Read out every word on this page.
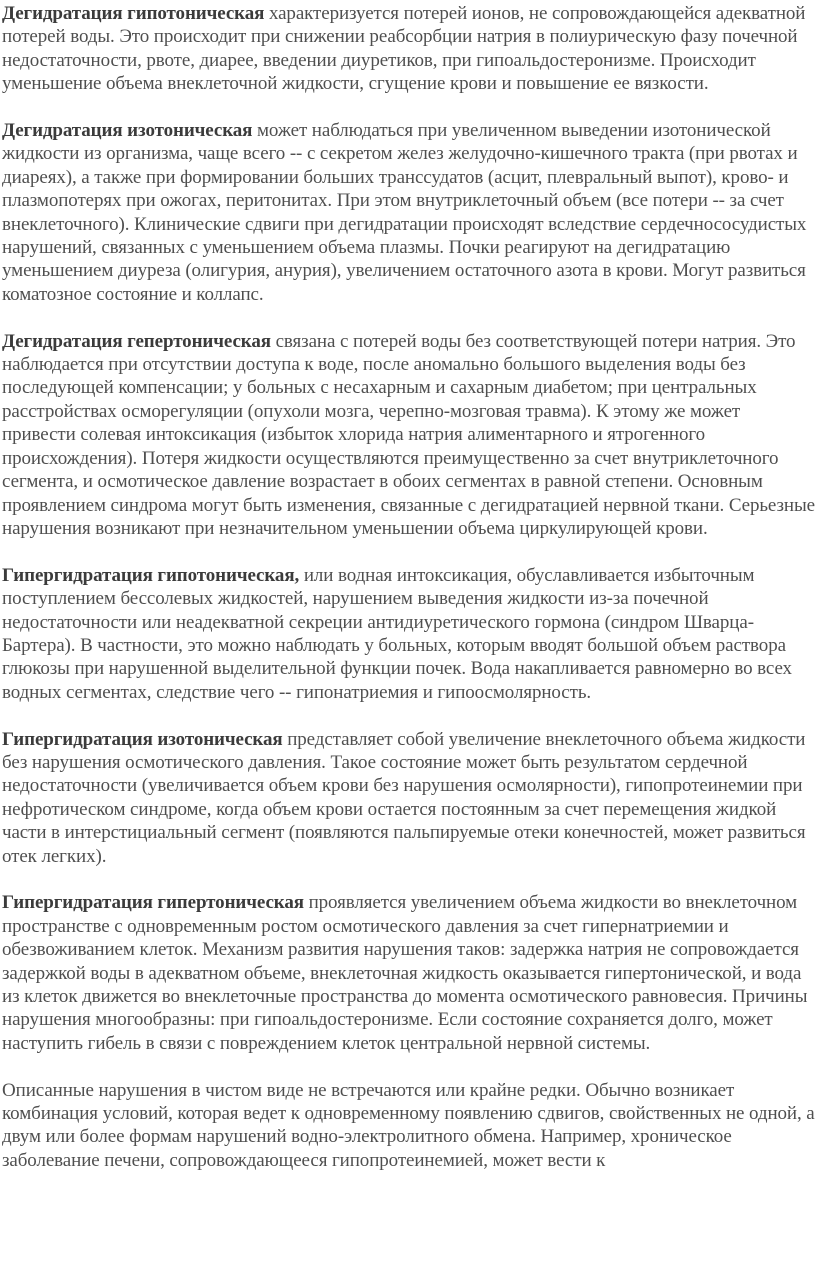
Дегидратация гипотоническая характеризуется потерей ионов, не сопровождающейся адекватной потерей воды. Это происходит при снижении реабсорбции натрия в полиурическую фазу почечной недостаточности, рвоте, диарее, введении диуретиков, при гипоальдостеронизме. Происходит уменьшение объема внеклеточной жидкости, сгущение крови и повышение ее вязкости.

Дегидратация изотоническая может наблюдаться при увеличенном выведении изотонической жидкости из организма, чаще всего -- с секретом желез желудочно-кишечного тракта (при рвотах и диареях), а также при формировании больших транссудатов (асцит, плевральный выпот), крово- и плазмопотерях при ожогах, перитонитах. При этом внутриклеточный объем (все потери -- за счет внеклеточного). Клинические сдвиги при дегидратации происходят вследствие сердечнососудистых нарушений, связанных с уменьшением объема плазмы. Почки реагируют на дегидратацию уменьшением диуреза (олигурия, анурия), увеличением остаточного азота в крови. Могут развиться коматозное состояние и коллапс.

Дегидратация гепертоническая связана с потерей воды без соответствующей потери натрия. Это наблюдается при отсутствии доступа к воде, после аномально большого выделения воды без последующей компенсации; у больных с несахарным и сахарным диабетом; при центральных расстройствах осморегуляции (опухоли мозга, черепно-мозговая травма). К этому же может привести солевая интоксикация (избыток хлорида натрия алиментарного и ятрогенного происхождения). Потеря жидкости осуществляются преимущественно за счет внутриклеточного сегмента, и осмотическое давление возрастает в обоих сегментах в равной степени. Основным проявлением синдрома могут быть изменения, связанные с дегидратацией нервной ткани. Серьезные нарушения возникают при незначительном уменьшении объема циркулирующей крови.

Гипергидратация гипотоническая, или водная интоксикация, обуславливается избыточным поступлением бессолевых жидкостей, нарушением выведения жидкости из-за почечной недостаточности или неадекватной секреции антидиуретического гормона (синдром Шварца-Бартера). В частности, это можно наблюдать у больных, которым вводят большой объем раствора глюкозы при нарушенной выделительной функции почек. Вода накапливается равномерно во всех водных сегментах, следствие чего -- гипонатриемия и гипоосмолярность.

Гипергидратация изотоническая представляет собой увеличение внеклеточного объема жидкости без нарушения осмотического давления. Такое состояние может быть результатом сердечной недостаточности (увеличивается объем крови без нарушения осмолярности), гипопротеинемии при нефротическом синдроме, когда объем крови остается постоянным за счет перемещения жидкой части в интерстициальный сегмент (появляются пальпируемые отеки конечностей, может развиться отек легких).

Гипергидратация гипертоническая проявляется увеличением объема жидкости во внеклеточном пространстве с одновременным ростом осмотического давления за счет гипернатриемии и обезвоживанием клеток. Механизм развития нарушения таков: задержка натрия не сопровождается задержкой воды в адекватном объеме, внеклеточная жидкость оказывается гипертонической, и вода из клеток движется во внеклеточные пространства до момента осмотического равновесия. Причины нарушения многообразны: при гипоальдостеронизме. Если состояние сохраняется долго, может наступить гибель в связи с повреждением клеток центральной нервной системы.

Описанные нарушения в чистом виде не встречаются или крайне редки. Обычно возникает комбинация условий, которая ведет к одновременному появлению сдвигов, свойственных не одной, а двум или более формам нарушений водно-электролитного обмена. Например, хроническое заболевание печени, сопровождающееся гипопротеинемией, может вести к
